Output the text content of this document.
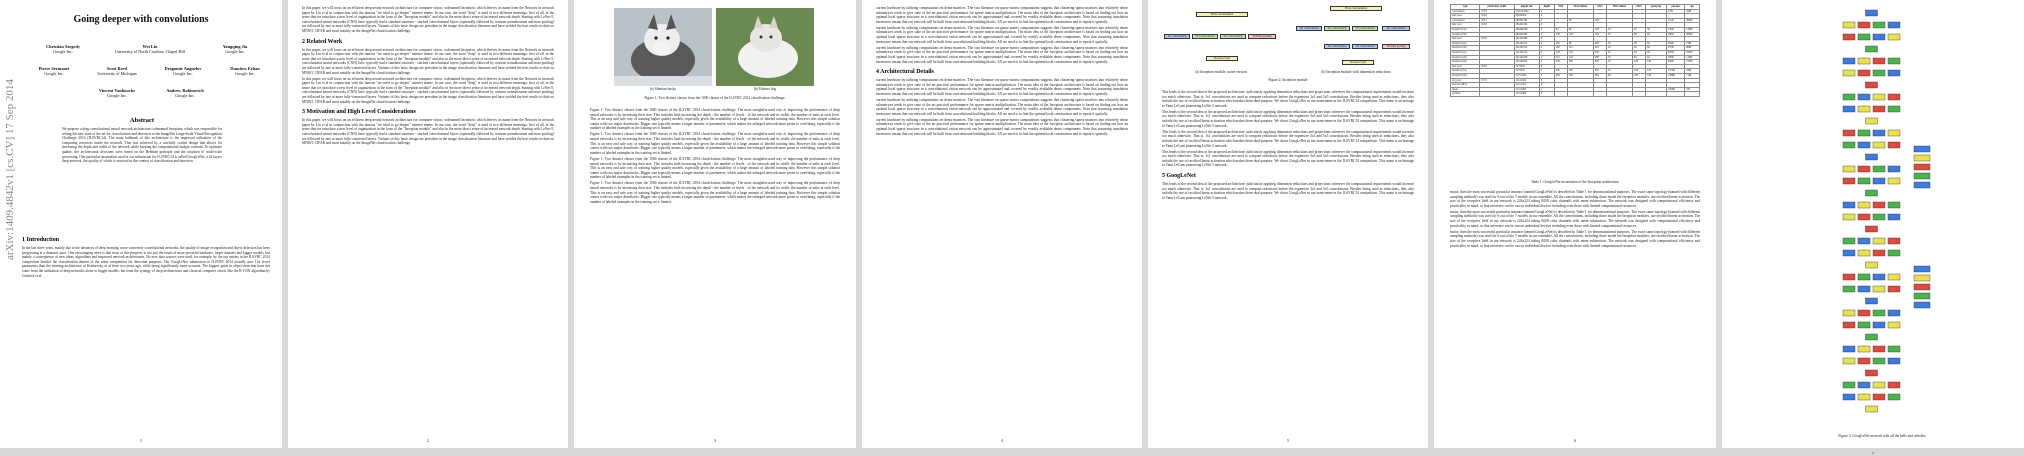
arXiv:1409.4842v1 [cs.CV] 17 Sep 2014
Going deeper with convolutions
Christian Szegedy
Google Inc.
Wei Liu
University of North Carolina, Chapel Hill
Yangqing Jia
Google Inc.
Pierre Sermanet
Google Inc.
Scott Reed
University of Michigan
Dragomir Anguelov
Google Inc.
Dumitru Erhan
Google Inc.
Vincent Vanhoucke
Google Inc.
Andrew Rabinovich
Google Inc.
Abstract

We propose a deep convolutional neural network architecture codenamed Inception, which was responsible for setting the new state of the art for classification and detection in the ImageNet Large-Scale Visual Recognition Challenge 2014 (ILSVRC14). The main hallmark of this architecture is the improved utilization of the computing resources inside the network. This was achieved by a carefully crafted design that allows for increasing the depth and width of the network while keeping the computational budget constant. To optimize quality, the architectural decisions were based on the Hebbian principle and the intuition of multi-scale processing. One particular incarnation used in our submission for ILSVRC14 is called GoogLeNet, a 22 layers deep network, the quality of which is assessed in the context of classification and detection.

1 Introduction

In the last three years, mainly due to the advances of deep learning, more concretely convolutional networks, the quality of image recognition and object detection has been progressing at a dramatic pace. One encouraging news is that most of this progress is not just the result of more powerful hardware, larger datasets and bigger models, but mainly a consequence of new ideas, algorithms and improved network architectures. No new data sources were used, for example, by the top entries in the ILSVRC 2014 competition besides the classification dataset of the same competition for detection purposes. Our GoogLeNet submission to ILSVRC 2014 actually uses 12x fewer parameters than the winning architecture of Krizhevsky et al from two years ago, while being significantly more accurate. The biggest gains in object-detection have not come from the utilization of deep networks alone or bigger models, but from the synergy of deep architectures and classical computer vision, like the R-CNN algorithm by Girshick et al.

1

In this paper, we will focus on an efficient deep neural network architecture for computer vision, codenamed Inception, which derives its name from the Network in network paper by Lin et al in conjunction with the famous "we need to go deeper" internet meme. In our case, the word "deep" is used in two different meanings: first of all, in the sense that we introduce a new level of organization in the form of the "Inception module" and also in the more direct sense of increased network depth. Starting with LeNet-5, convolutional neural networks (CNN) have typically had a standard structure - stacked convolutional layers (optionally followed by contrast normalization and max-pooling) are followed by one or more fully-connected layers. Variants of this basic design are prevalent in the image classification literature and have yielded the best results to-date on MNIST, CIFAR and most notably on the ImageNet classification challenge.

2 Related Work

In this paper, we will focus on an efficient deep neural network architecture for computer vision, codenamed Inception, which derives its name from the Network in network paper by Lin et al in conjunction with the famous "we need to go deeper" internet meme. In our case, the word "deep" is used in two different meanings: first of all, in the sense that we introduce a new level of organization in the form of the "Inception module" and also in the more direct sense of increased network depth. Starting with LeNet-5, convolutional neural networks (CNN) have typically had a standard structure - stacked convolutional layers (optionally followed by contrast normalization and max-pooling) are followed by one or more fully-connected layers. Variants of this basic design are prevalent in the image classification literature and have yielded the best results to-date on MNIST, CIFAR and most notably on the ImageNet classification challenge.

In this paper, we will focus on an efficient deep neural network architecture for computer vision, codenamed Inception, which derives its name from the Network in network paper by Lin et al in conjunction with the famous "we need to go deeper" internet meme. In our case, the word "deep" is used in two different meanings: first of all, in the sense that we introduce a new level of organization in the form of the "Inception module" and also in the more direct sense of increased network depth. Starting with LeNet-5, convolutional neural networks (CNN) have typically had a standard structure - stacked convolutional layers (optionally followed by contrast normalization and max-pooling) are followed by one or more fully-connected layers. Variants of this basic design are prevalent in the image classification literature and have yielded the best results to-date on MNIST, CIFAR and most notably on the ImageNet classification challenge.

3 Motivation and High Level Considerations

In this paper, we will focus on an efficient deep neural network architecture for computer vision, codenamed Inception, which derives its name from the Network in network paper by Lin et al in conjunction with the famous "we need to go deeper" internet meme. In our case, the word "deep" is used in two different meanings: first of all, in the sense that we introduce a new level of organization in the form of the "Inception module" and also in the more direct sense of increased network depth. Starting with LeNet-5, convolutional neural networks (CNN) have typically had a standard structure - stacked convolutional layers (optionally followed by contrast normalization and max-pooling) are followed by one or more fully-connected layers. Variants of this basic design are prevalent in the image classification literature and have yielded the best results to-date on MNIST, CIFAR and most notably on the ImageNet classification challenge.

2
(a) Siberian husky	(b) Eskimo dog
Figure 1: Two distinct classes from the 1000 classes of the ILSVRC 2014 classification challenge.

Figure 1: Two distinct classes from the 1000 classes of the ILSVRC 2014 classification challenge. The most straightforward way of improving the performance of deep neural networks is by increasing their size. This includes both increasing the depth - the number of levels - of the network and its width: the number of units at each level. This is an easy and safe way of training higher quality models, especially given the availability of a large amount of labeled training data. However this simple solution comes with two major drawbacks. Bigger size typically means a larger number of parameters, which makes the enlarged network more prone to overfitting, especially if the number of labeled examples in the training set is limited.

Figure 1: Two distinct classes from the 1000 classes of the ILSVRC 2014 classification challenge. The most straightforward way of improving the performance of deep neural networks is by increasing their size. This includes both increasing the depth - the number of levels - of the network and its width: the number of units at each level. This is an easy and safe way of training higher quality models, especially given the availability of a large amount of labeled training data. However this simple solution comes with two major drawbacks. Bigger size typically means a larger number of parameters, which makes the enlarged network more prone to overfitting, especially if the number of labeled examples in the training set is limited.

Figure 1: Two distinct classes from the 1000 classes of the ILSVRC 2014 classification challenge. The most straightforward way of improving the performance of deep neural networks is by increasing their size. This includes both increasing the depth - the number of levels - of the network and its width: the number of units at each level. This is an easy and safe way of training higher quality models, especially given the availability of a large amount of labeled training data. However this simple solution comes with two major drawbacks. Bigger size typically means a larger number of parameters, which makes the enlarged network more prone to overfitting, especially if the number of labeled examples in the training set is limited.

Figure 1: Two distinct classes from the 1000 classes of the ILSVRC 2014 classification challenge. The most straightforward way of improving the performance of deep neural networks is by increasing their size. This includes both increasing the depth - the number of levels - of the network and its width: the number of units at each level. This is an easy and safe way of training higher quality models, especially given the availability of a large amount of labeled training data. However this simple solution comes with two major drawbacks. Bigger size typically means a larger number of parameters, which makes the enlarged network more prone to overfitting, especially if the number of labeled examples in the training set is limited.

3

current hardware by utilizing computations on dense matrices. The vast literature on sparse matrix computations suggests that clustering sparse matrices into relatively dense submatrices tends to give state of the art practical performance for sparse matrix multiplication. The main idea of the Inception architecture is based on finding out how an optimal local sparse structure in a convolutional vision network can be approximated and covered by readily available dense components. Note that assuming translation invariance means that our network will be built from convolutional building blocks. All we need is to find the optimal local construction and to repeat it spatially.

current hardware by utilizing computations on dense matrices. The vast literature on sparse matrix computations suggests that clustering sparse matrices into relatively dense submatrices tends to give state of the art practical performance for sparse matrix multiplication. The main idea of the Inception architecture is based on finding out how an optimal local sparse structure in a convolutional vision network can be approximated and covered by readily available dense components. Note that assuming translation invariance means that our network will be built from convolutional building blocks. All we need is to find the optimal local construction and to repeat it spatially.

current hardware by utilizing computations on dense matrices. The vast literature on sparse matrix computations suggests that clustering sparse matrices into relatively dense submatrices tends to give state of the art practical performance for sparse matrix multiplication. The main idea of the Inception architecture is based on finding out how an optimal local sparse structure in a convolutional vision network can be approximated and covered by readily available dense components. Note that assuming translation invariance means that our network will be built from convolutional building blocks. All we need is to find the optimal local construction and to repeat it spatially.

4 Architectural Details

current hardware by utilizing computations on dense matrices. The vast literature on sparse matrix computations suggests that clustering sparse matrices into relatively dense submatrices tends to give state of the art practical performance for sparse matrix multiplication. The main idea of the Inception architecture is based on finding out how an optimal local sparse structure in a convolutional vision network can be approximated and covered by readily available dense components. Note that assuming translation invariance means that our network will be built from convolutional building blocks. All we need is to find the optimal local construction and to repeat it spatially.

current hardware by utilizing computations on dense matrices. The vast literature on sparse matrix computations suggests that clustering sparse matrices into relatively dense submatrices tends to give state of the art practical performance for sparse matrix multiplication. The main idea of the Inception architecture is based on finding out how an optimal local sparse structure in a convolutional vision network can be approximated and covered by readily available dense components. Note that assuming translation invariance means that our network will be built from convolutional building blocks. All we need is to find the optimal local construction and to repeat it spatially.

current hardware by utilizing computations on dense matrices. The vast literature on sparse matrix computations suggests that clustering sparse matrices into relatively dense submatrices tends to give state of the art practical performance for sparse matrix multiplication. The main idea of the Inception architecture is based on finding out how an optimal local sparse structure in a convolutional vision network can be approximated and covered by readily available dense components. Note that assuming translation invariance means that our network will be built from convolutional building blocks. All we need is to find the optimal local construction and to repeat it spatially.

4
Previous layer
1x1 convolutions	3x3 convolutions	5x5 convolutions	3x3 max pooling
Filter concatenation
(a) Inception module, naive version
Previous layer
1x1 convolutions	1x1 convolutions	3x3 max pooling
1x1 convolutions	3x3 convolutions	5x5 convolutions	1x1 convolutions
Filter concatenation
(b) Inception module with dimension reductions
Figure 2: Inception module

This leads to the second idea of the proposed architecture: judiciously applying dimension reductions and projections wherever the computational requirements would increase too much otherwise. That is, 1x1 convolutions are used to compute reductions before the expensive 3x3 and 5x5 convolutions. Besides being used as reductions, they also include the use of rectified linear activation which makes them dual-purpose. We chose GoogLeNet as our team-name in the ILSVRC14 competition. This name is an homage to Yann LeCuns pioneering LeNet 5 network.

This leads to the second idea of the proposed architecture: judiciously applying dimension reductions and projections wherever the computational requirements would increase too much otherwise. That is, 1x1 convolutions are used to compute reductions before the expensive 3x3 and 5x5 convolutions. Besides being used as reductions, they also include the use of rectified linear activation which makes them dual-purpose. We chose GoogLeNet as our team-name in the ILSVRC14 competition. This name is an homage to Yann LeCuns pioneering LeNet 5 network.

This leads to the second idea of the proposed architecture: judiciously applying dimension reductions and projections wherever the computational requirements would increase too much otherwise. That is, 1x1 convolutions are used to compute reductions before the expensive 3x3 and 5x5 convolutions. Besides being used as reductions, they also include the use of rectified linear activation which makes them dual-purpose. We chose GoogLeNet as our team-name in the ILSVRC14 competition. This name is an homage to Yann LeCuns pioneering LeNet 5 network.

This leads to the second idea of the proposed architecture: judiciously applying dimension reductions and projections wherever the computational requirements would increase too much otherwise. That is, 1x1 convolutions are used to compute reductions before the expensive 3x3 and 5x5 convolutions. Besides being used as reductions, they also include the use of rectified linear activation which makes them dual-purpose. We chose GoogLeNet as our team-name in the ILSVRC14 competition. This name is an homage to Yann LeCuns pioneering LeNet 5 network.

5 GoogLeNet

This leads to the second idea of the proposed architecture: judiciously applying dimension reductions and projections wherever the computational requirements would increase too much otherwise. That is, 1x1 convolutions are used to compute reductions before the expensive 3x3 and 5x5 convolutions. Besides being used as reductions, they also include the use of rectified linear activation which makes them dual-purpose. We chose GoogLeNet as our team-name in the ILSVRC14 competition. This name is an homage to Yann LeCuns pioneering LeNet 5 network.

5
type	patch size/ stride	output size	depth	#1x1	#3x3 reduce	#3x3	#5x5 reduce	#5x5	pool proj	params	ops
convolution	7x7/2	112x112x64	1							2.7K	34M
max pool	3x3/2	56x56x64	0								
convolution	3x3/1	56x56x192	2		64	192				112K	360M
max pool	3x3/2	28x28x192	0								
inception (3a)		28x28x256	2	64	96	128	16	32	32	159K	128M
inception (3b)		28x28x480	2	128	128	192	32	96	64	380K	304M
max pool	3x3/2	14x14x480	0								
inception (4a)		14x14x512	2	192	96	208	16	48	64	364K	73M
inception (4b)		14x14x512	2	160	112	224	24	64	64	437K	88M
inception (4c)		14x14x512	2	128	128	256	24	64	64	463K	100M
inception (4d)		14x14x528	2	112	144	288	32	64	64	580K	119M
inception (4e)		14x14x832	2	256	160	320	32	128	128	840K	170M
max pool	3x3/2	7x7x832	0								
inception (5a)		7x7x832	2	256	160	320	32	128	128	1072K	54M
inception (5b)		7x7x1024	2	384	192	384	48	128	128	1388K	71M
avg pool	7x7/1	1x1x1024	0								
dropout (40%)		1x1x1024	0								
linear		1x1x1000	1							1000K	1M
softmax		1x1x1000	0								
Table 1: GoogLeNet incarnation of the Inception architecture

motor, then the most successful particular instance (named GoogLeNet) is described in Table 1 for demonstrational purposes. The exact same topology (trained with different sampling methods) was used for 6 out of the 7 models in our ensemble. All the convolutions, including those inside the Inception modules, use rectified linear activation. The size of the receptive field in our network is 224x224 taking RGB color channels with mean subtraction. The network was designed with computational efficiency and practicality in mind, so that inference can be run on individual devices including even those with limited computational resources.

motor, then the most successful particular instance (named GoogLeNet) is described in Table 1 for demonstrational purposes. The exact same topology (trained with different sampling methods) was used for 6 out of the 7 models in our ensemble. All the convolutions, including those inside the Inception modules, use rectified linear activation. The size of the receptive field in our network is 224x224 taking RGB color channels with mean subtraction. The network was designed with computational efficiency and practicality in mind, so that inference can be run on individual devices including even those with limited computational resources.

motor, then the most successful particular instance (named GoogLeNet) is described in Table 1 for demonstrational purposes. The exact same topology (trained with different sampling methods) was used for 6 out of the 7 models in our ensemble. All the convolutions, including those inside the Inception modules, use rectified linear activation. The size of the receptive field in our network is 224x224 taking RGB color channels with mean subtraction. The network was designed with computational efficiency and practicality in mind, so that inference can be run on individual devices including even those with limited computational resources.

6
Figure 3: GoogLeNet network with all the bells and whistles
7
